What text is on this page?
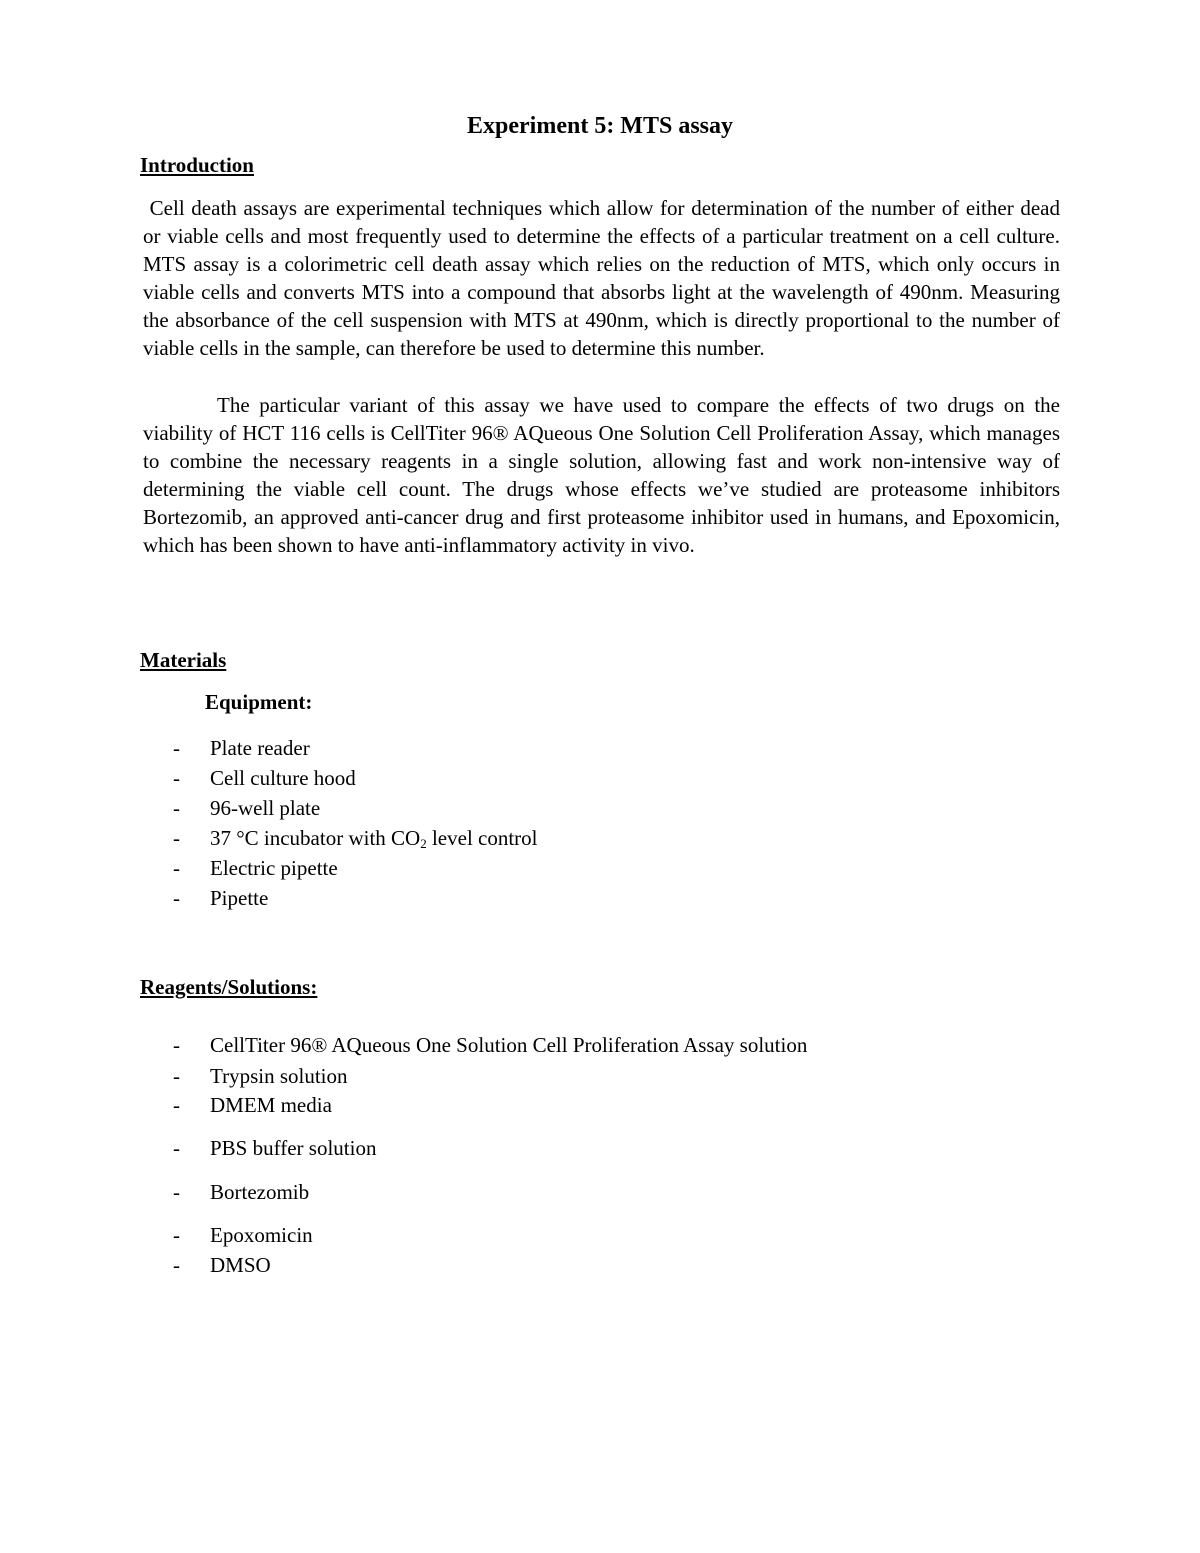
Experiment 5: MTS assay
Introduction

Cell death assays are experimental techniques which allow for determination of the number of either dead or viable cells and most frequently used to determine the effects of a particular treatment on a cell culture. MTS assay is a colorimetric cell death assay which relies on the reduction of MTS, which only occurs in viable cells and converts MTS into a compound that absorbs light at the wavelength of 490nm. Measuring the absorbance of the cell suspension with MTS at 490nm, which is directly proportional to the number of viable cells in the sample, can therefore be used to determine this number.

The particular variant of this assay we have used to compare the effects of two drugs on the viability of HCT 116 cells is CellTiter 96® AQueous One Solution Cell Proliferation Assay, which manages to combine the necessary reagents in a single solution, allowing fast and work non-intensive way of determining the viable cell count. The drugs whose effects we’ve studied are proteasome inhibitors Bortezomib, an approved anti-cancer drug and first proteasome inhibitor used in humans, and Epoxomicin, which has been shown to have anti-inflammatory activity in vivo.

Materials
Equipment:
- Plate reader
- Cell culture hood
- 96-well plate
- 37 °C incubator with $CO_2$ level control
- Electric pipette
- Pipette
Reagents/Solutions:
- CellTiter 96® AQueous One Solution Cell Proliferation Assay solution
- Trypsin solution
- DMEM media
- PBS buffer solution
- Bortezomib
- Epoxomicin
- DMSO
